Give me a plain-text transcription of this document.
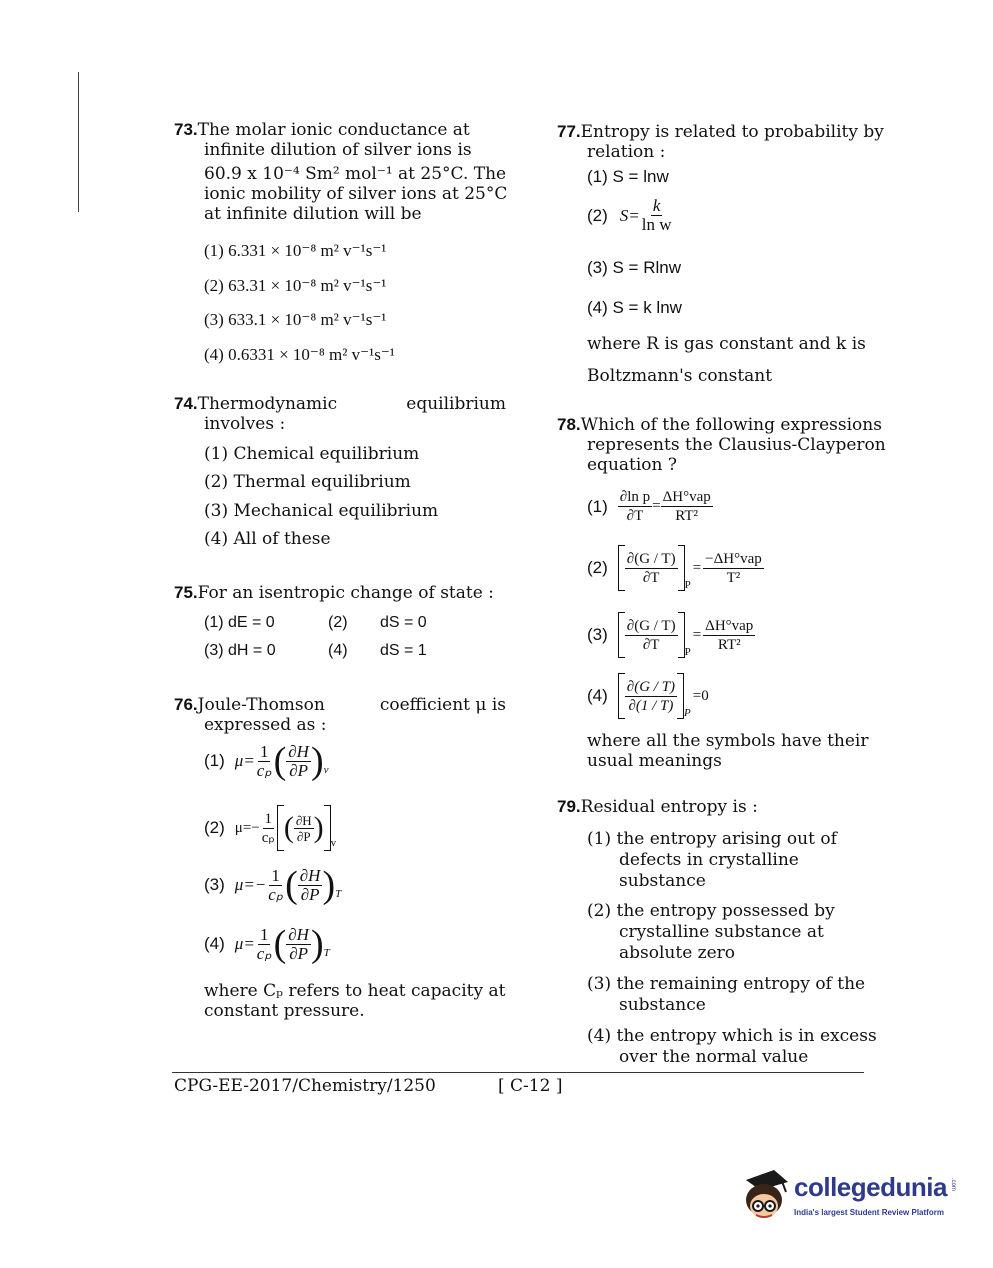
73.The molar ionic conductance at
infinite dilution of silver ions is
60.9 x 10⁻⁴ Sm² mol⁻¹ at 25°C. The
ionic mobility of silver ions at 25°C
at infinite dilution will be
(1) 6.331 × 10⁻⁸ m² v⁻¹s⁻¹
(2) 63.31 × 10⁻⁸ m² v⁻¹s⁻¹
(3) 633.1 × 10⁻⁸ m² v⁻¹s⁻¹
(4) 0.6331 × 10⁻⁸ m² v⁻¹s⁻¹
74.Thermodynamic	equilibrium
involves :
(1) Chemical equilibrium
(2) Thermal equilibrium
(3) Mechanical equilibrium
(4) All of these
75.For an isentropic change of state :
(1) dE = 0	(2) dS = 0
(3) dH = 0	(4) dS = 1
76.Joule-Thomson	coefficient μ is
expressed as :
(1) $\mu= \frac{1}{\text{cₚ}}$ ( $\frac{\partial H}{\partial P}$ ) v
(2) $\mu=- \frac{1}{\text{cₚ}}$ ( $\frac{\partial H}{\partial P}$ ) v
(3) $\mu=- \frac{1}{\text{cₚ}}$ ( $\frac{\partial H}{\partial P}$ ) T
(4) $\mu= \frac{1}{\text{cₚ}}$ ( $\frac{\partial H}{\partial P}$ ) T
where Cₚ refers to heat capacity at
constant pressure.
77.Entropy is related to probability by
relation :
(1) S = lnw
(2) $S= \frac{k}{\text{ln w}}$
(3) S = Rlnw
(4) S = k lnw
where R is gas constant and k is
Boltzmann's constant
78.Which of the following expressions
represents the Clausius-Clayperon
equation ?
$(1) \frac{\text{∂ln p}}{\partial T} = \frac{\text{ΔH°vap}}{\text{RT²}}$
$(2) \frac{\partial(G / T)}{\partial T}$ P
= $\frac{\text{−ΔH°vap}}{\text{T²}}$
$(3) \frac{\partial(G / T)}{\partial T}$ P
= $\frac{\text{ΔH°vap}}{\text{RT²}}$
$(4) \frac{\partial(G / T)}{\partial(1 / T)}$ P
=0
where all the symbols have their
usual meanings
79.Residual entropy is :
(1) the entropy arising out of
defects in crystalline substance
(2) the entropy possessed by
crystalline substance at
absolute zero
(3) the remaining entropy of the
substance
(4) the entropy which is in excess
over the normal value
CPG-EE-2017/Chemistry/1250	[ C-12 ]
collegedunia .com
India's largest Student Review Platform
